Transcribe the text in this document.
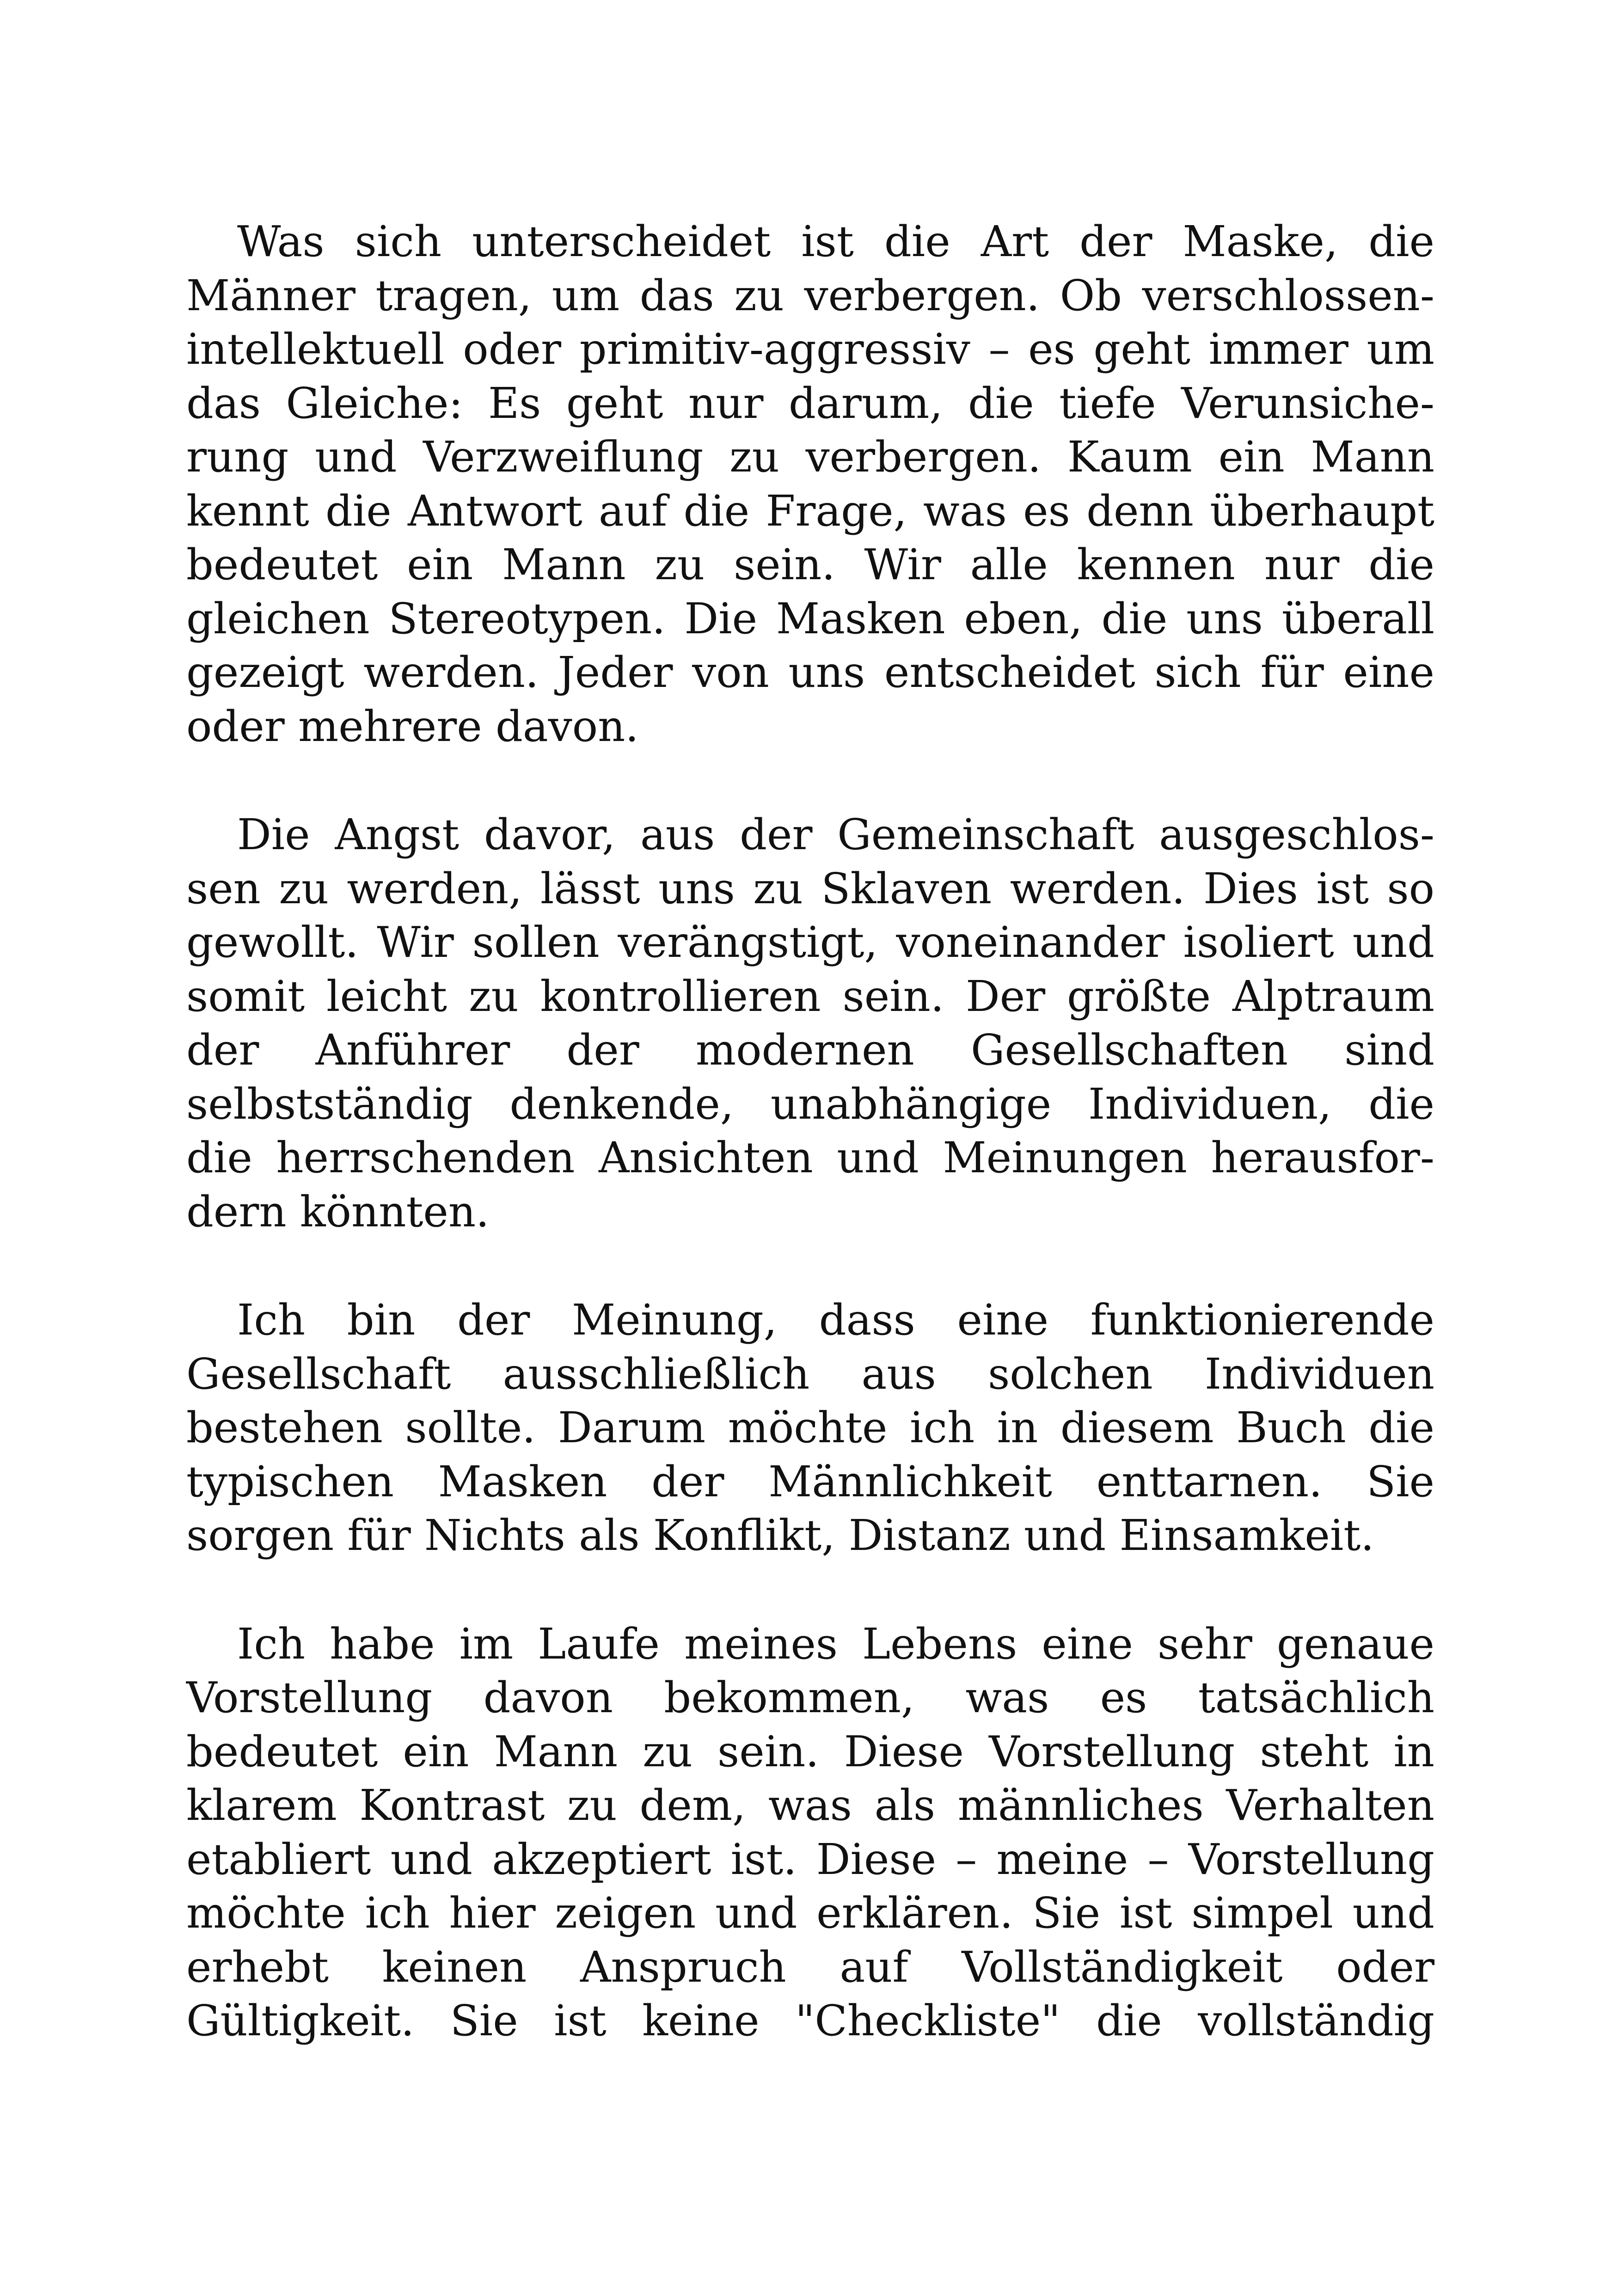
Was sich unterscheidet ist die Art der Maske, die
Männer tragen, um das zu verbergen. Ob verschlossen-
intellektuell oder primitiv-aggressiv – es geht immer um
das Gleiche: Es geht nur darum, die tiefe Verunsiche-
rung und Verzweiflung zu verbergen. Kaum ein Mann
kennt die Antwort auf die Frage, was es denn überhaupt
bedeutet ein Mann zu sein. Wir alle kennen nur die
gleichen Stereotypen. Die Masken eben, die uns überall
gezeigt werden. Jeder von uns entscheidet sich für eine
oder mehrere davon.

Die Angst davor, aus der Gemeinschaft ausgeschlos-
sen zu werden, lässt uns zu Sklaven werden. Dies ist so
gewollt. Wir sollen verängstigt, voneinander isoliert und
somit leicht zu kontrollieren sein. Der größte Alptraum
der Anführer der modernen Gesellschaften sind
selbstständig denkende, unabhängige Individuen, die
die herrschenden Ansichten und Meinungen herausfor-
dern könnten.

Ich bin der Meinung, dass eine funktionierende
Gesellschaft ausschließlich aus solchen Individuen
bestehen sollte. Darum möchte ich in diesem Buch die
typischen Masken der Männlichkeit enttarnen. Sie
sorgen für Nichts als Konflikt, Distanz und Einsamkeit.

Ich habe im Laufe meines Lebens eine sehr genaue
Vorstellung davon bekommen, was es tatsächlich
bedeutet ein Mann zu sein. Diese Vorstellung steht in
klarem Kontrast zu dem, was als männliches Verhalten
etabliert und akzeptiert ist. Diese – meine – Vorstellung
möchte ich hier zeigen und erklären. Sie ist simpel und
erhebt keinen Anspruch auf Vollständigkeit oder
Gültigkeit. Sie ist keine "Checkliste" die vollständig
